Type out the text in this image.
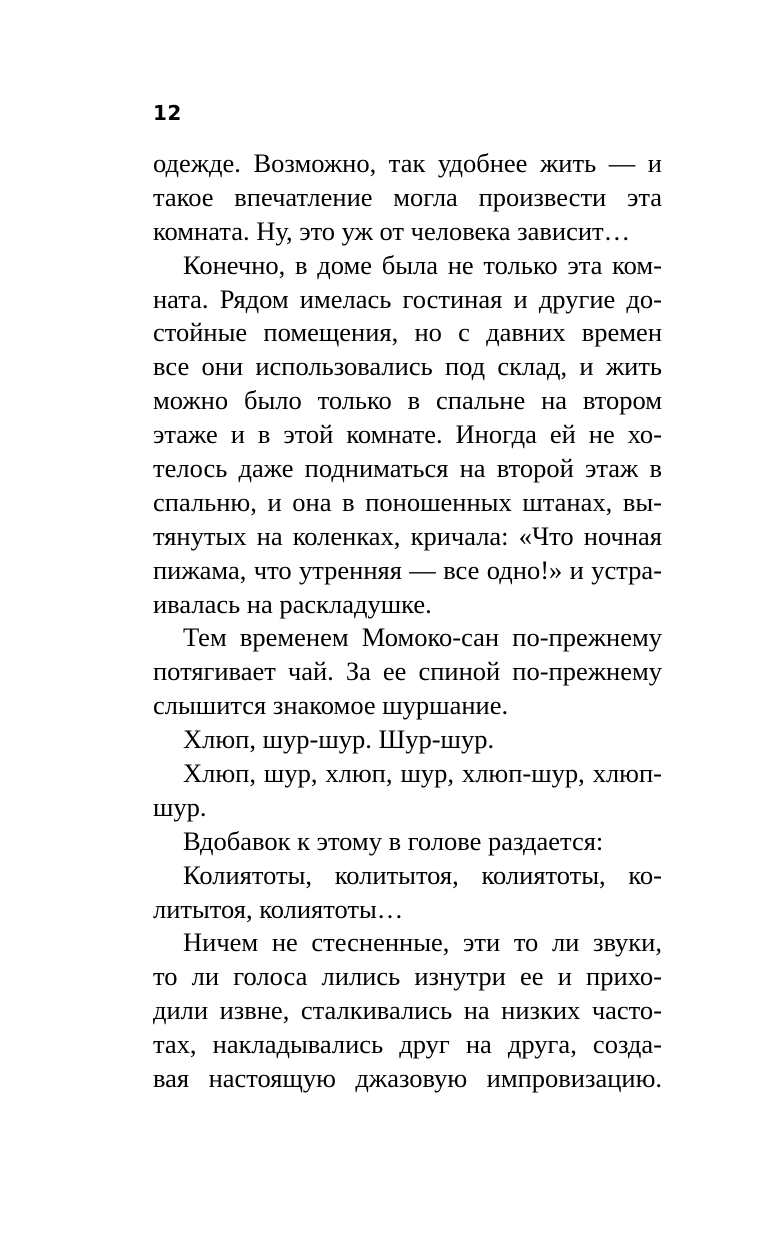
12
одежде. Возможно, так удобнее жить — и
такое впечатление могла произвести эта
комната. Ну, это уж от человека зависит…
Конечно, в доме была не только эта ком-
ната. Рядом имелась гостиная и другие до-
стойные помещения, но с давних времен
все они использовались под склад, и жить
можно было только в спальне на втором
этаже и в этой комнате. Иногда ей не хо-
телось даже подниматься на второй этаж в
спальню, и она в поношенных штанах, вы-
тянутых на коленках, кричала: «Что ночная
пижама, что утренняя — все одно!» и устра-
ивалась на раскладушке.
Тем временем Момоко-сан по-прежнему
потягивает чай. За ее спиной по-прежнему
слышится знакомое шуршание.
Хлюп, шур-шур. Шур-шур.
Хлюп, шур, хлюп, шур, хлюп-шур, хлюп-
шур.
Вдобавок к этому в голове раздается:
Колиятоты, колитытоя, колиятоты, ко-
литытоя, колиятоты…
Ничем не стесненные, эти то ли звуки,
то ли голоса лились изнутри ее и прихо-
дили извне, сталкивались на низких часто-
тах, накладывались друг на друга, создa-
вая настоящую джазовую импровизацию.
